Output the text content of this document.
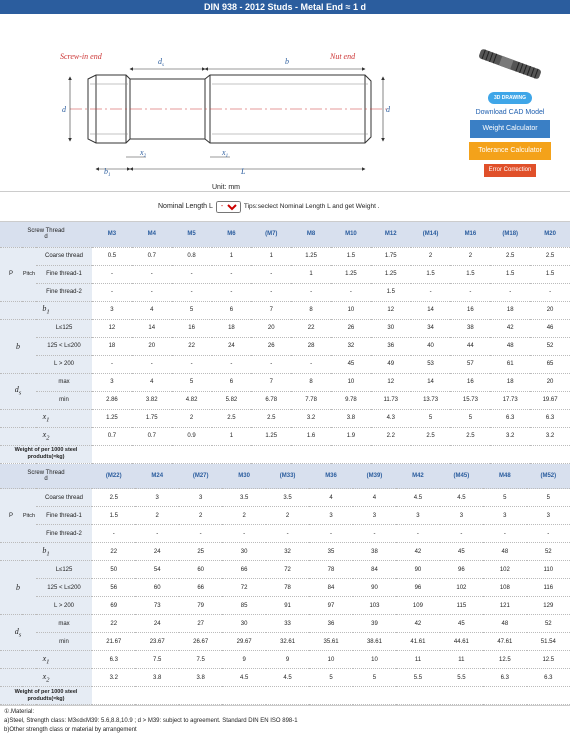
DIN 938 - 2012 Studs - Metal End ≈ 1 d
Screw-in end	Nut end
$d_s$	b
d	d
$x_2$	$x_1$
$b_1$	L
Unit: mm
3D DRAWING
Download CAD Model
Weight Calculator
Tolerance Calculator
Error Correction
Nominal Length L
-	Tips:seclect Nominal Length L and get Weight .
Screw Thread
d			M3	M4	M5	M6	(M7)	M8	M10	M12	(M14)	M16	(M18)	M20
P	Pitch	Coarse thread	0.5	0.7	0.8	1	1	1.25	1.5	1.75	2	2	2.5	2.5
		Fine thread-1	-	-	-	-	-	1	1.25	1.25	1.5	1.5	1.5	1.5
		Fine thread-2	-	-	-	-	-	-	-	1.5	-	-	-	-
$b_1$			3	4	5	6	7	8	10	12	14	16	18	20
b		L≤125	12	14	16	18	20	22	26	30	34	38	42	46
		125 < L≤200	18	20	22	24	26	28	32	36	40	44	48	52
		L > 200	-	-	-	-	-	-	45	49	53	57	61	65
$d_s$		max	3	4	5	6	7	8	10	12	14	16	18	20
		min	2.86	3.82	4.82	5.82	6.78	7.78	9.78	11.73	13.73	15.73	17.73	19.67
$x_1$			1.25	1.75	2	2.5	2.5	3.2	3.8	4.3	5	5	6.3	6.3
$x_2$			0.7	0.7	0.9	1	1.25	1.6	1.9	2.2	2.5	2.5	3.2	3.2
Weight of per 1000 steel produdts(≈kg)														
Screw Thread
d			(M22)	M24	(M27)	M30	(M33)	M36	(M39)	M42	(M45)	M48	(M52)
P	Pitch	Coarse thread	2.5	3	3	3.5	3.5	4	4	4.5	4.5	5	5
		Fine thread-1	1.5	2	2	2	2	3	3	3	3	3	3
		Fine thread-2	-	-	-	-	-	-	-	-	-	-	-
$b_1$			22	24	25	30	32	35	38	42	45	48	52
b		L≤125	50	54	60	66	72	78	84	90	96	102	110
		125 < L≤200	56	60	66	72	78	84	90	96	102	108	116
		L > 200	69	73	79	85	91	97	103	109	115	121	129
$d_s$		max	22	24	27	30	33	36	39	42	45	48	52
		min	21.67	23.67	26.67	29.67	32.61	35.61	38.61	41.61	44.61	47.61	51.54
$x_1$			6.3	7.5	7.5	9	9	10	10	11	11	12.5	12.5
$x_2$			3.2	3.8	3.8	4.5	4.5	5	5	5.5	5.5	6.3	6.3
Weight of per 1000 steel produdts(≈kg)													
①.Material:
a)Steel, Strength class: M3≤d≤M39: 5.6,8.8,10.9 ; d > M39: subject to agreement. Standard DIN EN ISO 898-1
b)Other strength class or material by arrangement
